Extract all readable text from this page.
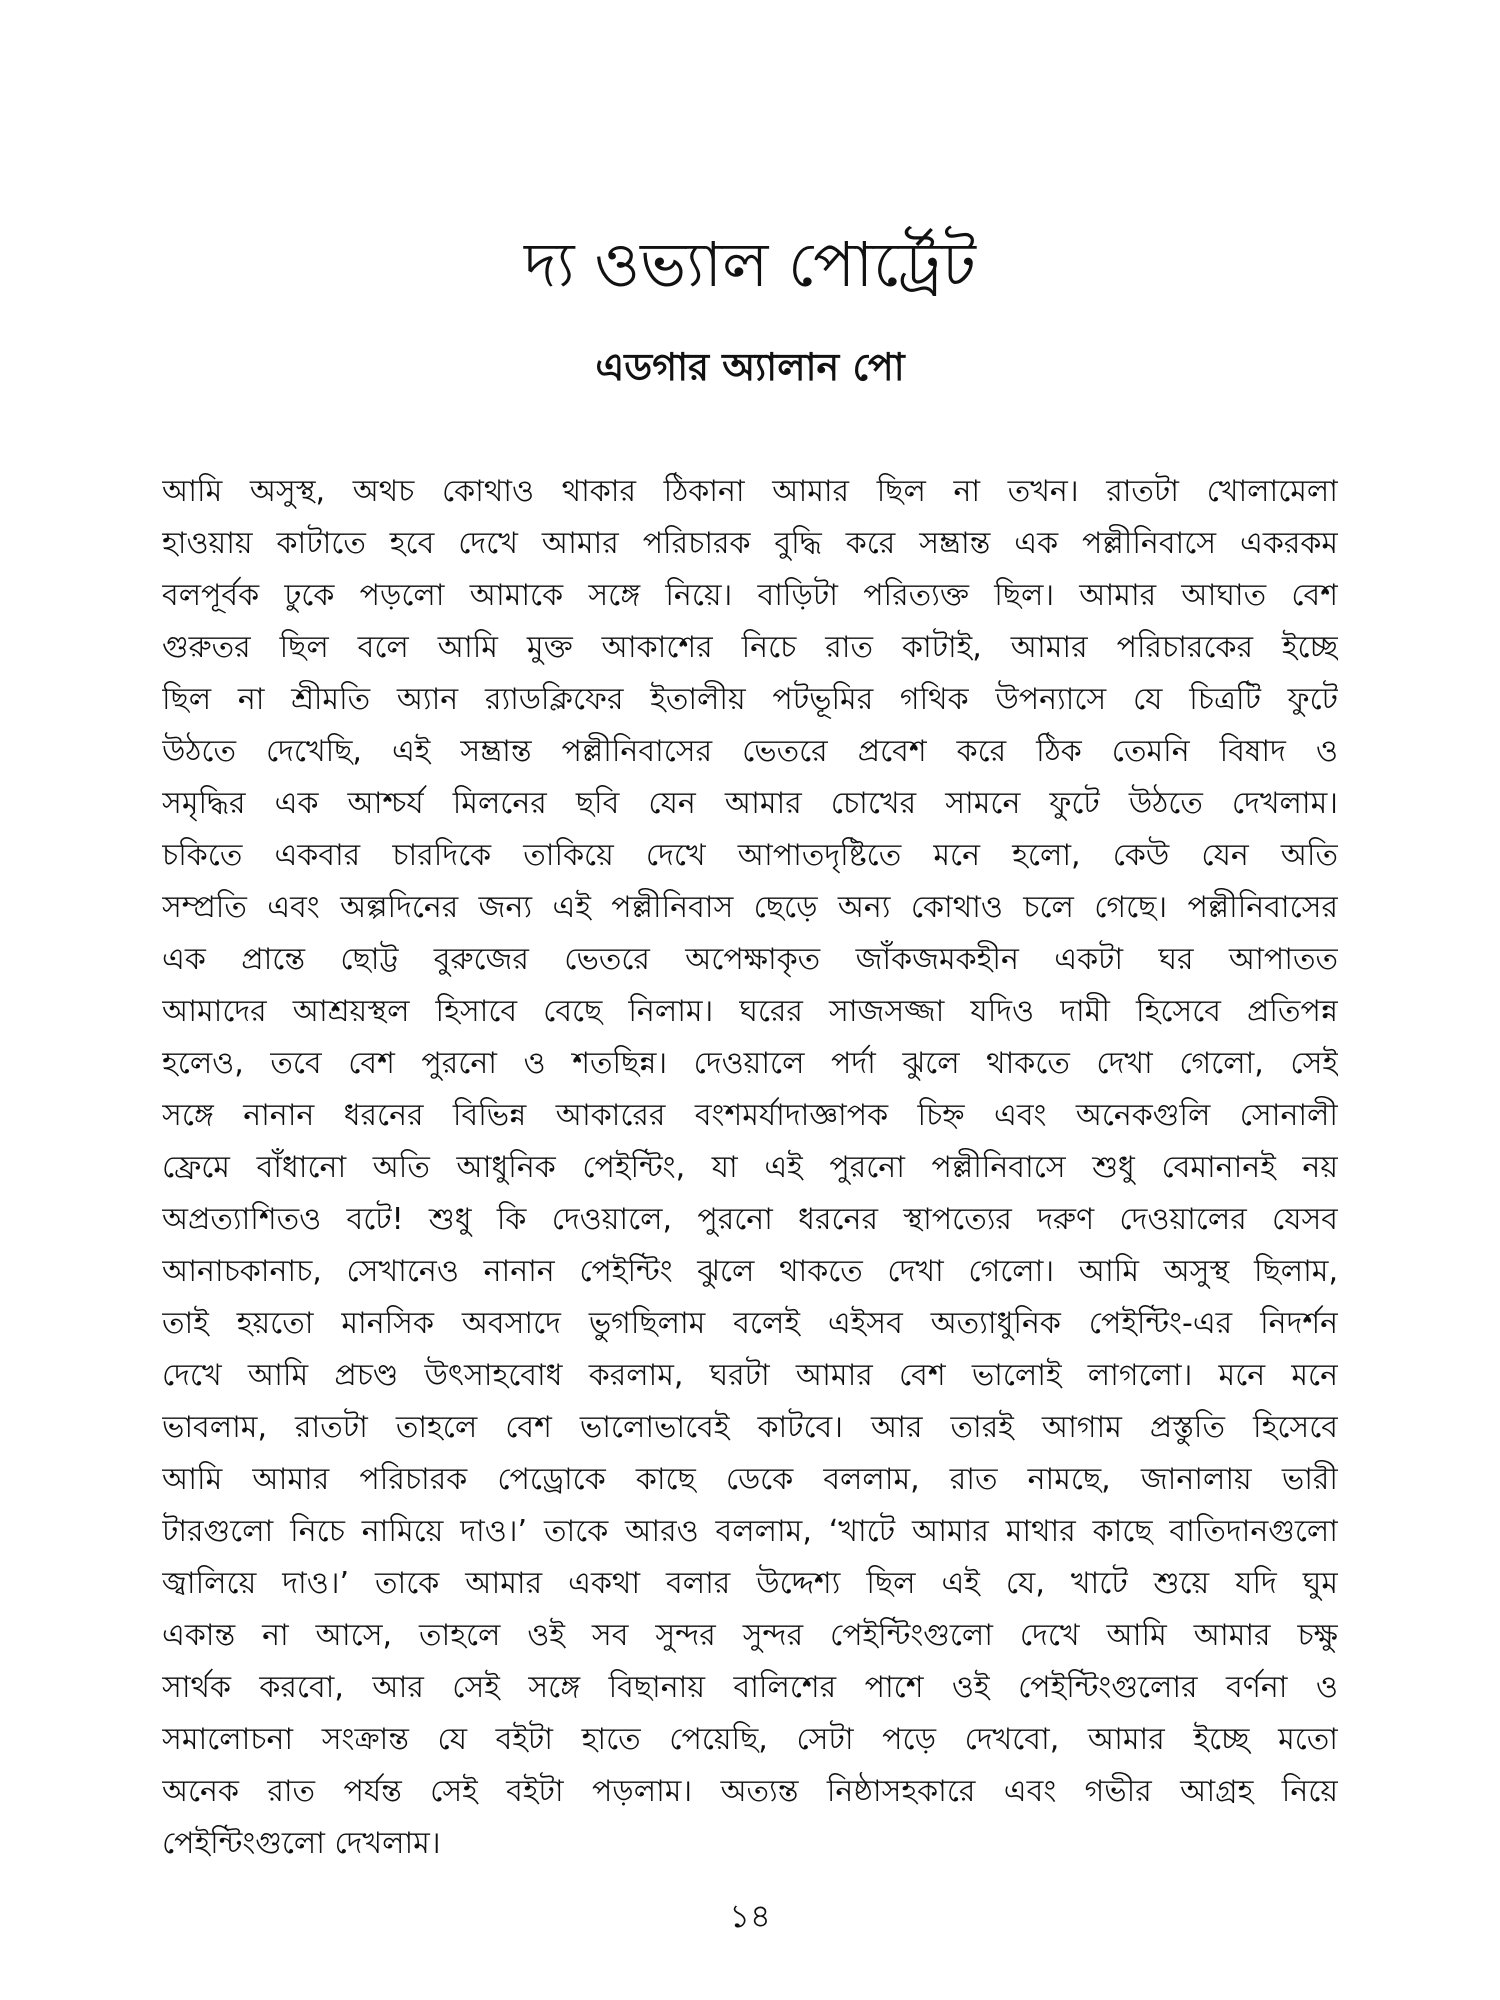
দ্য ওভ্যাল পোর্ট্রেট
এডগার অ্যালান পো
আমি অসুস্থ, অথচ কোথাও থাকার ঠিকানা আমার ছিল না তখন। রাতটা খোলামেলা
হাওয়ায় কাটাতে হবে দেখে আমার পরিচারক বুদ্ধি করে সম্ভ্রান্ত এক পল্লীনিবাসে একরকম
বলপূর্বক ঢুকে পড়লো আমাকে সঙ্গে নিয়ে। বাড়িটা পরিত্যক্ত ছিল। আমার আঘাত বেশ
গুরুতর ছিল বলে আমি মুক্ত আকাশের নিচে রাত কাটাই, আমার পরিচারকের ইচ্ছে
ছিল না শ্রীমতি অ্যান র‍্যাডক্লিফের ইতালীয় পটভূমির গথিক উপন্যাসে যে চিত্রটি ফুটে
উঠতে দেখেছি, এই সম্ভ্রান্ত পল্লীনিবাসের ভেতরে প্রবেশ করে ঠিক তেমনি বিষাদ ও
সমৃদ্ধির এক আশ্চর্য মিলনের ছবি যেন আমার চোখের সামনে ফুটে উঠতে দেখলাম।
চকিতে একবার চারদিকে তাকিয়ে দেখে আপাতদৃষ্টিতে মনে হলো, কেউ যেন অতি
সম্প্রতি এবং অল্পদিনের জন্য এই পল্লীনিবাস ছেড়ে অন্য কোথাও চলে গেছে। পল্লীনিবাসের
এক প্রান্তে ছোট্ট বুরুজের ভেতরে অপেক্ষাকৃত জাঁকজমকহীন একটা ঘর আপাতত
আমাদের আশ্রয়স্থল হিসাবে বেছে নিলাম। ঘরের সাজসজ্জা যদিও দামী হিসেবে প্রতিপন্ন
হলেও, তবে বেশ পুরনো ও শতছিন্ন। দেওয়ালে পর্দা ঝুলে থাকতে দেখা গেলো, সেই
সঙ্গে নানান ধরনের বিভিন্ন আকারের বংশমর্যাদাজ্ঞাপক চিহ্ন এবং অনেকগুলি সোনালী
ফ্রেমে বাঁধানো অতি আধুনিক পেইন্টিং, যা এই পুরনো পল্লীনিবাসে শুধু বেমানানই নয়
অপ্রত্যাশিতও বটে! শুধু কি দেওয়ালে, পুরনো ধরনের স্থাপত্যের দরুণ দেওয়ালের যেসব
আনাচকানাচ, সেখানেও নানান পেইন্টিং ঝুলে থাকতে দেখা গেলো। আমি অসুস্থ ছিলাম,
তাই হয়তো মানসিক অবসাদে ভুগছিলাম বলেই এইসব অত্যাধুনিক পেইন্টিং-এর নিদর্শন
দেখে আমি প্রচণ্ড উৎসাহবোধ করলাম, ঘরটা আমার বেশ ভালোই লাগলো। মনে মনে
ভাবলাম, রাতটা তাহলে বেশ ভালোভাবেই কাটবে। আর তারই আগাম প্রস্তুতি হিসেবে
আমি আমার পরিচারক পেড্রোকে কাছে ডেকে বললাম, রাত নামছে, জানালায় ভারী
টারগুলো নিচে নামিয়ে দাও।’ তাকে আরও বললাম, ‘খাটে আমার মাথার কাছে বাতিদানগুলো
জ্বালিয়ে দাও।’ তাকে আমার একথা বলার উদ্দেশ্য ছিল এই যে, খাটে শুয়ে যদি ঘুম
একান্ত না আসে, তাহলে ওই সব সুন্দর সুন্দর পেইন্টিংগুলো দেখে আমি আমার চক্ষু
সার্থক করবো, আর সেই সঙ্গে বিছানায় বালিশের পাশে ওই পেইন্টিংগুলোর বর্ণনা ও
সমালোচনা সংক্রান্ত যে বইটা হাতে পেয়েছি, সেটা পড়ে দেখবো, আমার ইচ্ছে মতো
অনেক রাত পর্যন্ত সেই বইটা পড়লাম। অত্যন্ত নিষ্ঠাসহকারে এবং গভীর আগ্রহ নিয়ে
পেইন্টিংগুলো দেখলাম।
১৪
